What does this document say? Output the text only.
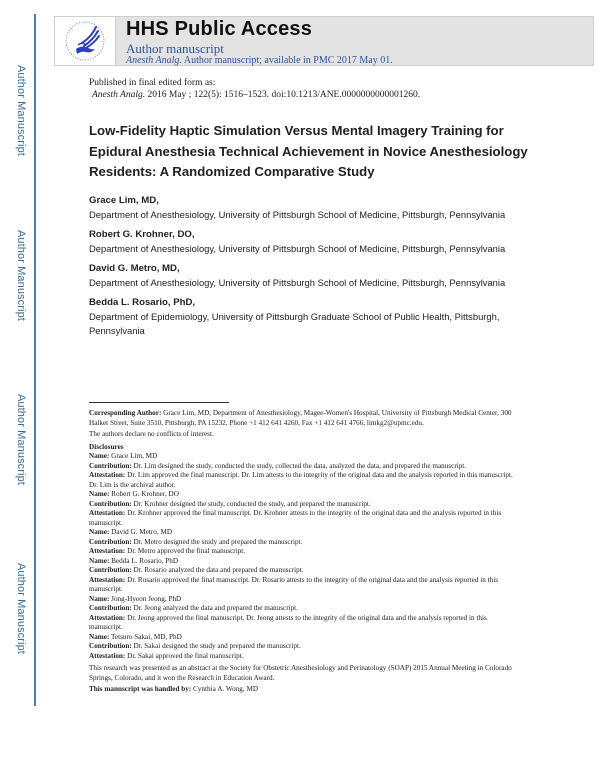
Author Manuscript
Author Manuscript
Author Manuscript
Author Manuscript
HHS Public Access
Author manuscript
Anesth Analg. Author manuscript; available in PMC 2017 May 01.
Published in final edited form as:
Anesth Analg. 2016 May ; 122(5): 1516–1523. doi:10.1213/ANE.0000000000001260.
Low-Fidelity Haptic Simulation Versus Mental Imagery Training for Epidural Anesthesia Technical Achievement in Novice Anesthesiology Residents: A Randomized Comparative Study
Grace Lim, MD,
Department of Anesthesiology, University of Pittsburgh School of Medicine, Pittsburgh, Pennsylvania
Robert G. Krohner, DO,
Department of Anesthesiology, University of Pittsburgh School of Medicine, Pittsburgh, Pennsylvania
David G. Metro, MD,
Department of Anesthesiology, University of Pittsburgh School of Medicine, Pittsburgh, Pennsylvania
Bedda L. Rosario, PhD,
Department of Epidemiology, University of Pittsburgh Graduate School of Public Health, Pittsburgh, Pennsylvania

Corresponding Author: Grace Lim, MD, Department of Anesthesiology, Magee-Women's Hospital, University of Pittsburgh Medical Center, 300 Halket Street, Suite 3510, Pittsburgh, PA 15232, Phone +1 412 641 4260, Fax +1 412 641 4766, limkg2@upmc.edu.

The authors declare no conflicts of interest.

Disclosures

Name: Grace Lim, MD

Contribution: Dr. Lim designed the study, conducted the study, collected the data, analyzed the data, and prepared the manuscript.

Attestation: Dr. Lim approved the final manuscript. Dr. Lim attests to the integrity of the original data and the analysis reported in this manuscript. Dr. Lim is the archival author.

Name: Robert G. Krohner, DO

Contribution: Dr. Krohner designed the study, conducted the study, and prepared the manuscript.

Attestation: Dr. Krohner approved the final manuscript. Dr. Krohner attests to the integrity of the original data and the analysis reported in this manuscript.

Name: David G. Metro, MD

Contribution: Dr. Metro designed the study and prepared the manuscript.

Attestation: Dr. Metro approved the final manuscript.

Name: Bedda L. Rosario, PhD

Contribution: Dr. Rosario analyzed the data and prepared the manuscript.

Attestation: Dr. Rosario approved the final manuscript. Dr. Rosario attests to the integrity of the original data and the analysis reported in this manuscript.

Name: Jong-Hyeon Jeong, PhD

Contribution: Dr. Jeong analyzed the data and prepared the manuscript.

Attestation: Dr. Jeong approved the final manuscript. Dr. Jeong attests to the integrity of the original data and the analysis reported in this manuscript.

Name: Tetsuro Sakai, MD, PhD

Contribution: Dr. Sakai designed the study and prepared the manuscript.

Attestation: Dr. Sakai approved the final manuscript.

This research was presented as an abstract at the Society for Obstetric Anesthesiology and Perinatology (SOAP) 2015 Annual Meeting in Colorado Springs, Colorado, and it won the Research in Education Award.

This manuscript was handled by: Cynthia A. Wong, MD
